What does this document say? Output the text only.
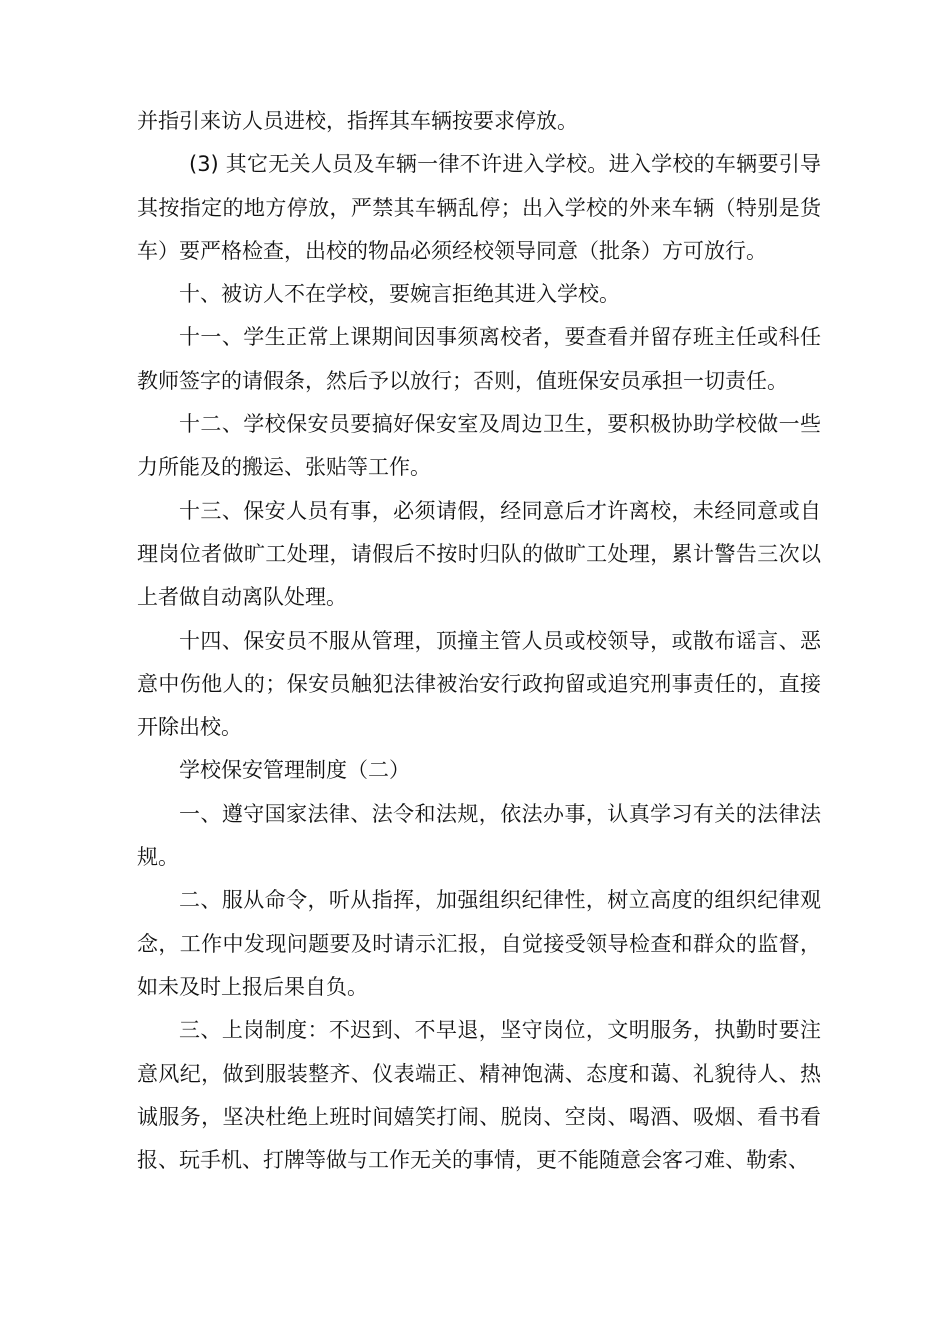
并指引来访人员进校，指挥其车辆按要求停放。

(3) 其它无关人员及车辆一律不许进入学校。进入学校的车辆要引导其按指定的地方停放，严禁其车辆乱停；出入学校的外来车辆（特别是货车）要严格检查，出校的物品必须经校领导同意（批条）方可放行。

十、被访人不在学校，要婉言拒绝其进入学校。

十一、学生正常上课期间因事须离校者，要查看并留存班主任或科任教师签字的请假条，然后予以放行；否则，值班保安员承担一切责任。

十二、学校保安员要搞好保安室及周边卫生，要积极协助学校做一些力所能及的搬运、张贴等工作。

十三、保安人员有事，必须请假，经同意后才许离校，未经同意或自理岗位者做旷工处理，请假后不按时归队的做旷工处理，累计警告三次以上者做自动离队处理。

十四、保安员不服从管理，顶撞主管人员或校领导，或散布谣言、恶意中伤他人的；保安员触犯法律被治安行政拘留或追究刑事责任的，直接开除出校。

学校保安管理制度（二）

一、遵守国家法律、法令和法规，依法办事，认真学习有关的法律法规。

二、服从命令，听从指挥，加强组织纪律性，树立高度的组织纪律观念，工作中发现问题要及时请示汇报，自觉接受领导检查和群众的监督，如未及时上报后果自负。

三、上岗制度：不迟到、不早退，坚守岗位，文明服务，执勤时要注意风纪，做到服装整齐、仪表端正、精神饱满、态度和蔼、礼貌待人、热诚服务，坚决杜绝上班时间嬉笑打闹、脱岗、空岗、喝酒、吸烟、看书看报、玩手机、打牌等做与工作无关的事情，更不能随意会客刁难、勒索、
